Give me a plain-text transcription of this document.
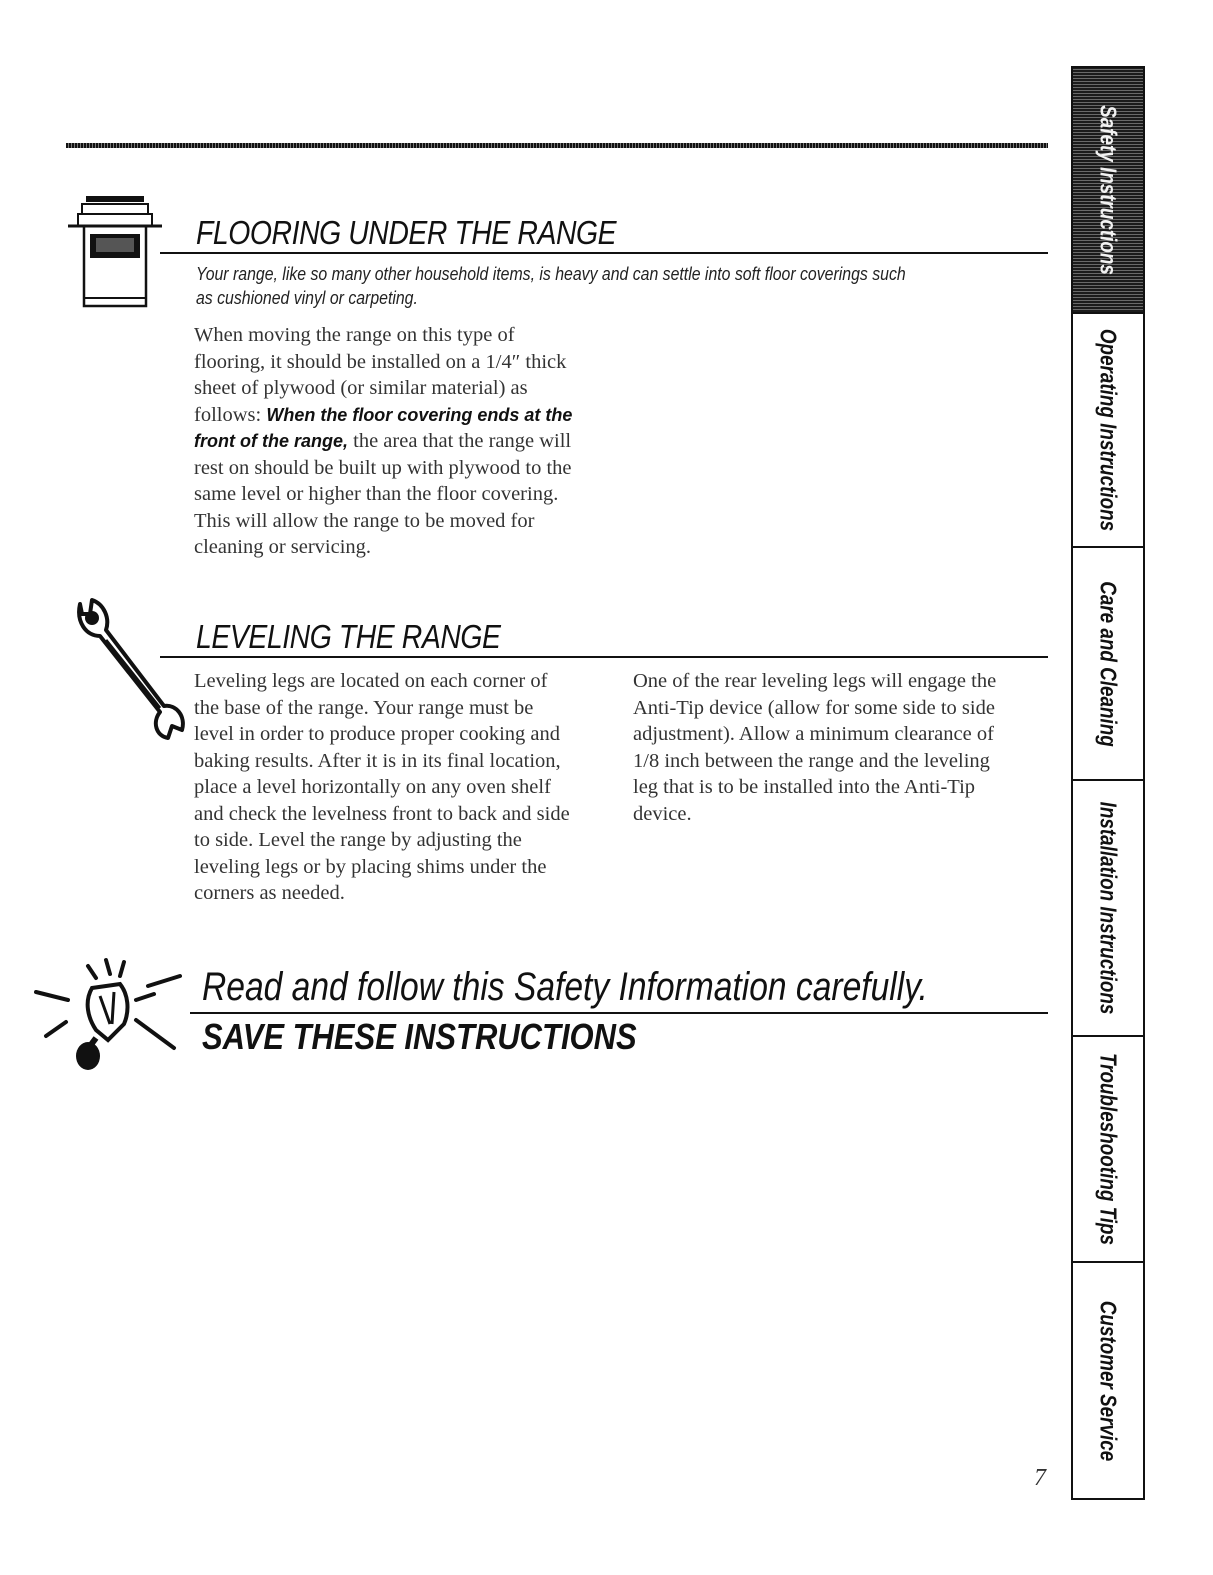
FLOORING UNDER THE RANGE
Your range, like so many other household items, is heavy and can settle into soft floor coverings such
as cushioned vinyl or carpeting.
When moving the range on this type of
flooring, it should be installed on a 1/4″ thick
sheet of plywood (or similar material) as
follows: When the floor covering ends at the
front of the range, the area that the range will
rest on should be built up with plywood to the
same level or higher than the floor covering.
This will allow the range to be moved for
cleaning or servicing.
LEVELING THE RANGE
Leveling legs are located on each corner of
the base of the range. Your range must be
level in order to produce proper cooking and
baking results. After it is in its final location,
place a level horizontally on any oven shelf
and check the levelness front to back and side
to side. Level the range by adjusting the
leveling legs or by placing shims under the
corners as needed.
One of the rear leveling legs will engage the
Anti-Tip device (allow for some side to side
adjustment). Allow a minimum clearance of
1/8 inch between the range and the leveling
leg that is to be installed into the Anti-Tip
device.
Read and follow this Safety Information carefully.
SAVE THESE INSTRUCTIONS
7
Safety Instructions
Operating Instructions
Care and Cleaning
Installation Instructions
Troubleshooting Tips
Customer Service
